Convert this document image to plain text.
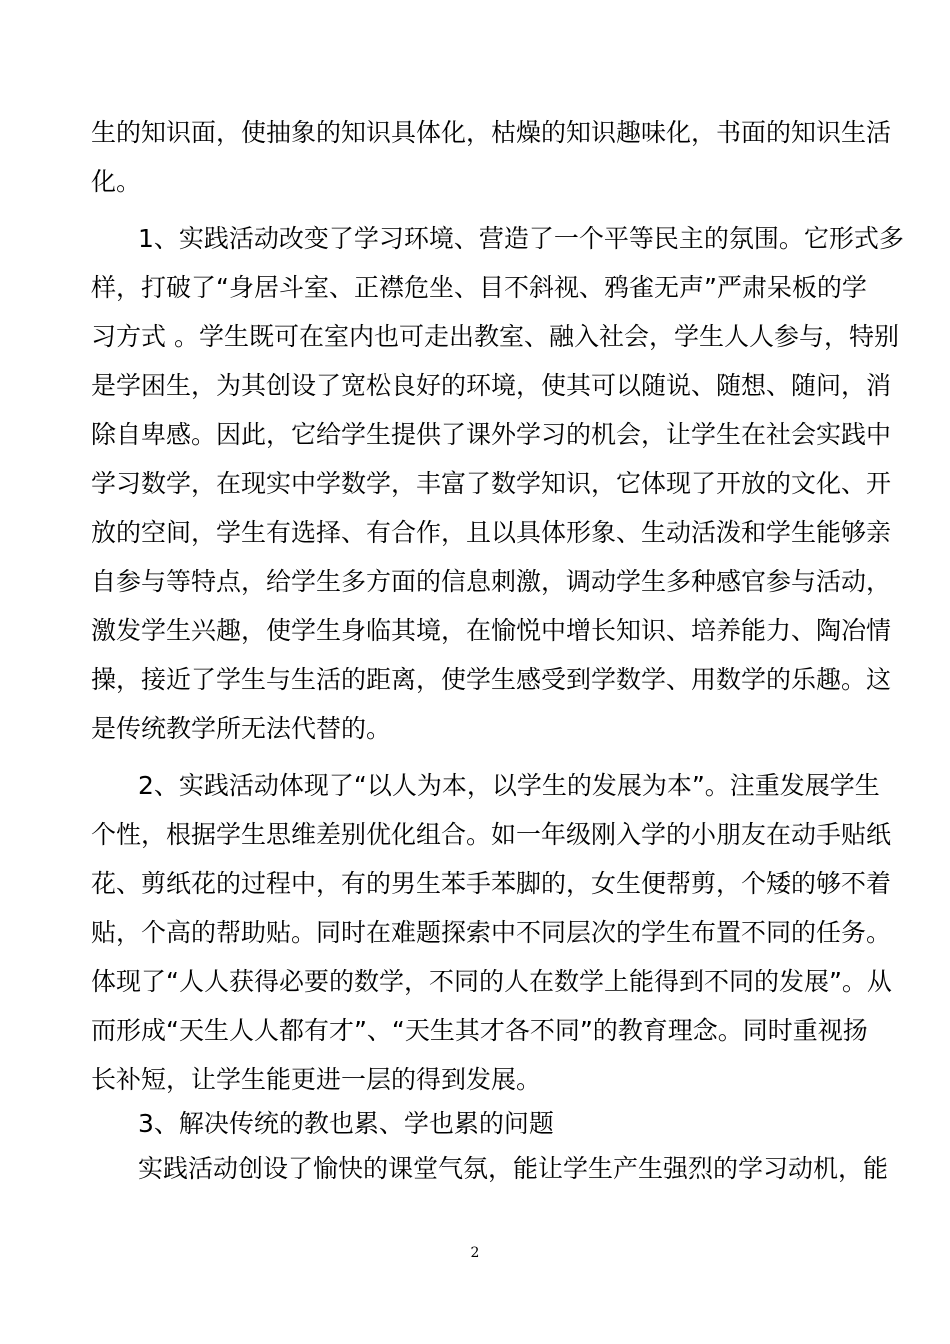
生的知识面，使抽象的知识具体化，枯燥的知识趣味化，书面的知识生活
化。
1、实践活动改变了学习环境、营造了一个平等民主的氛围。它形式多
样，打破了“身居斗室、正襟危坐、目不斜视、鸦雀无声”严肃呆板的学
习方式 。学生既可在室内也可走出教室、融入社会，学生人人参与，特别
是学困生，为其创设了宽松良好的环境，使其可以随说、随想、随问，消
除自卑感。因此，它给学生提供了课外学习的机会，让学生在社会实践中
学习数学，在现实中学数学，丰富了数学知识，它体现了开放的文化、开
放的空间，学生有选择、有合作，且以具体形象、生动活泼和学生能够亲
自参与等特点，给学生多方面的信息刺激，调动学生多种感官参与活动，
激发学生兴趣，使学生身临其境，在愉悦中增长知识、培养能力、陶冶情
操，接近了学生与生活的距离，使学生感受到学数学、用数学的乐趣。这
是传统教学所无法代替的。
2、实践活动体现了“以人为本，以学生的发展为本”。注重发展学生
个性，根据学生思维差别优化组合。如一年级刚入学的小朋友在动手贴纸
花、剪纸花的过程中，有的男生苯手苯脚的，女生便帮剪，个矮的够不着
贴，个高的帮助贴。同时在难题探索中不同层次的学生布置不同的任务。
体现了“人人获得必要的数学，不同的人在数学上能得到不同的发展”。从
而形成“天生人人都有才”、“天生其才各不同”的教育理念。同时重视扬
长补短，让学生能更进一层的得到发展。
3、解决传统的教也累、学也累的问题
实践活动创设了愉快的课堂气氛，能让学生产生强烈的学习动机，能
2
